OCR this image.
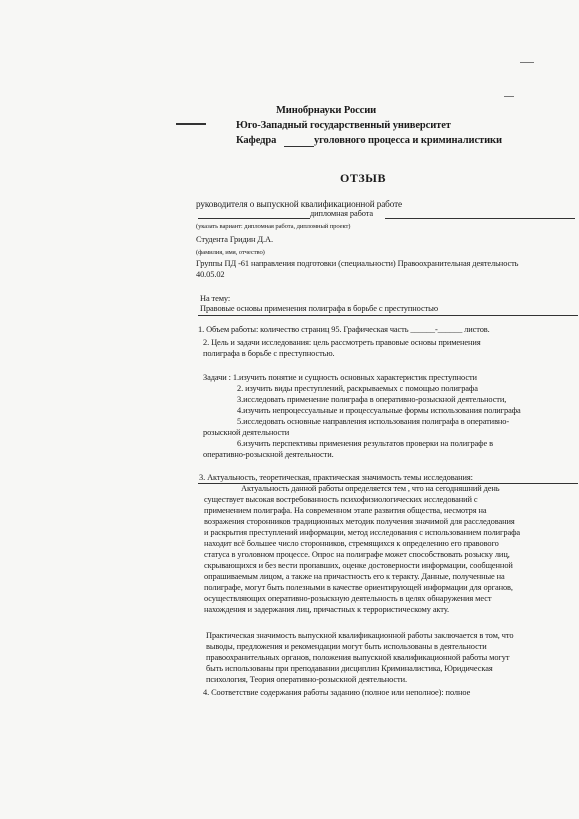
Минобрнауки России
Юго-Западный государственный университет
Кафедра	уголовного процесса и криминалистики
ОТЗЫВ
руководителя о выпускной квалификационной работе
дипломная работа
(указать вариант: дипломная работа, дипломный проект)
Студента Гридин Д.А.
(фамилия, имя, отчество)
Группы ПД -61 направления подготовки (специальности) Правоохранительная деятельность
40.05.02
На тему:
Правовые основы применения полиграфа в борьбе с преступностью
1. Объем работы: количество страниц 95. Графическая часть ______-______ листов.
2. Цель и задачи исследования: цель рассмотреть правовые основы применения
полиграфа в борьбе с преступностью.
Задачи : 1.изучить понятие и сущность основных характеристик преступности
2. изучить виды преступлений, раскрываемых с помощью полиграфа
3.исследовать применение полиграфа в оперативно-розыскной деятельности,
4.изучить непроцессуальные и процессуальные формы использования полиграфа
5.исследовать основные направления использования полиграфа в оперативно-
розыскной деятельности
6.изучить перспективы применения результатов проверки на полиграфе в
оперативно-розыскной деятельности.
3. Актуальность, теоретическая, практическая значимость темы исследования:
Актуальность данной работы определяется тем , что на сегодняшний день
существует высокая востребованность психофизиологических исследований с
применением полиграфа. На современном этапе развития общества, несмотря на
возражения сторонников традиционных методик получения значимой для расследования
и раскрытия преступлений информации, метод исследования с использованием полиграфа
находит всё большее число сторонников, стремящихся к определению его правового
статуса в уголовном процессе. Опрос на полиграфе может способствовать розыску лиц,
скрывающихся и без вести пропавших, оценке достоверности информации, сообщенной
опрашиваемым лицом, а также на причастность его к теракту. Данные, полученные на
полиграфе, могут быть полезными в качестве ориентирующей информации для органов,
осуществляющих оперативно-розыскную деятельность в целях обнаружения мест
нахождения и задержания лиц, причастных к террористическому акту.
Практическая значимость выпускной квалификационной работы заключается в том, что
выводы, предложения и рекомендации могут быть использованы в деятельности
правоохранительных органов, положения выпускной квалификационной работы могут
быть использованы при преподавании дисциплин Криминалистика, Юридическая
психология, Теория оперативно-розыскной деятельности.
4. Соответствие содержания работы заданию (полное или неполное): полное
